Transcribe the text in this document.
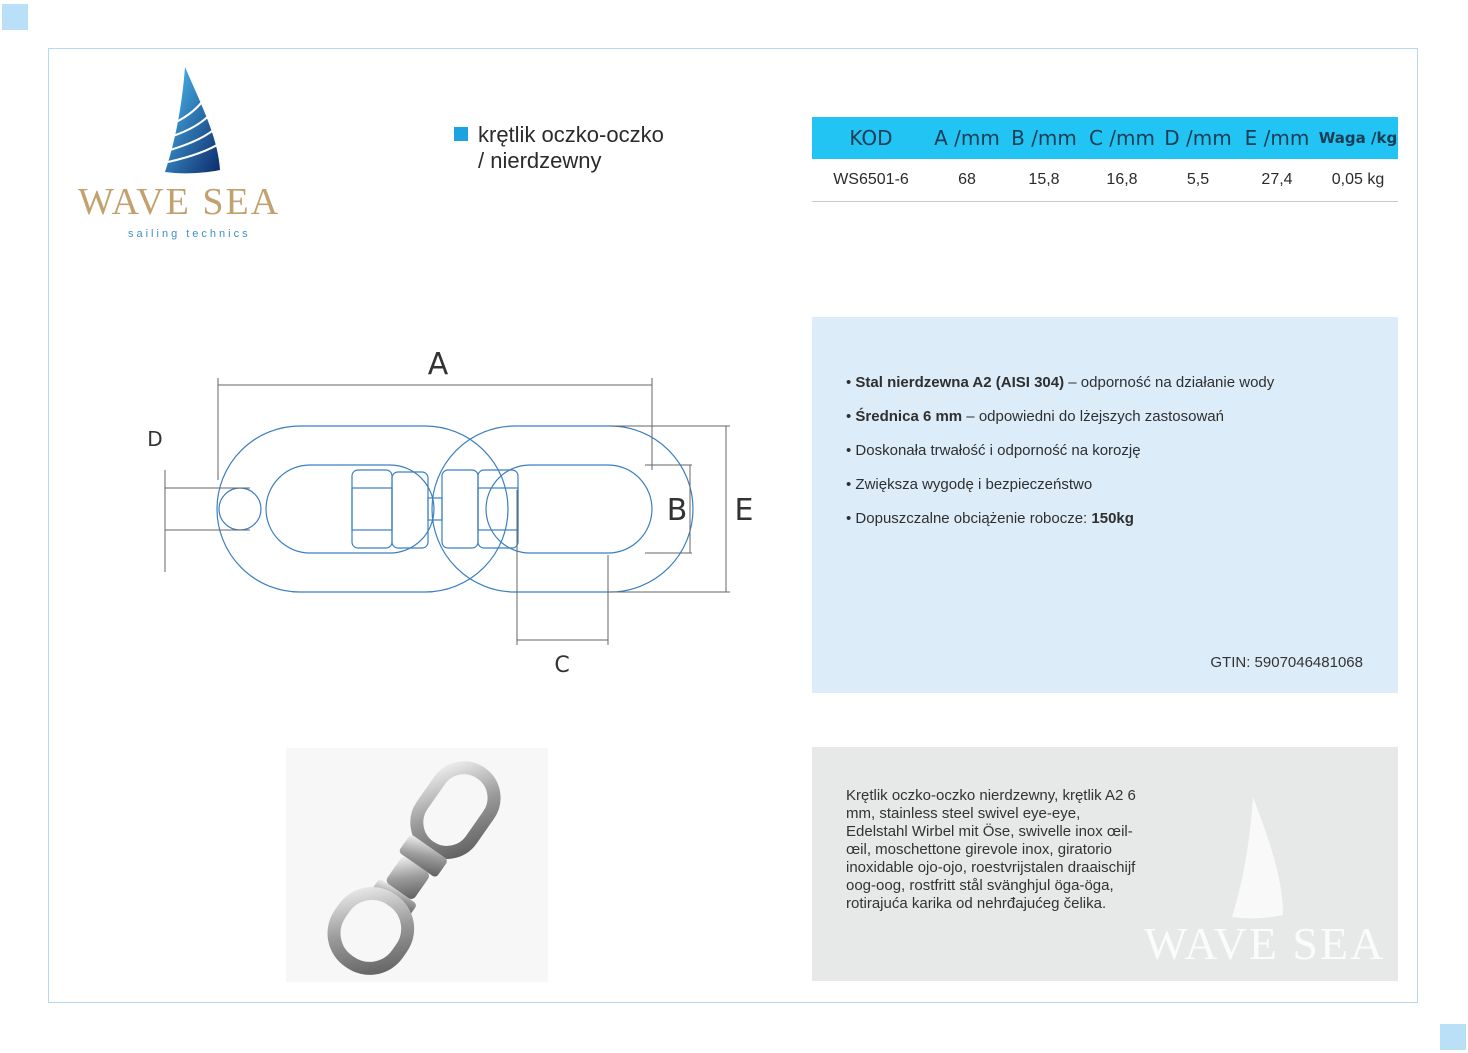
WAVE SEA
sailing technics
krętlik oczko-oczko
/ nierdzewny
KOD	A /mm	B /mm	C /mm	D /mm	E /mm	Waga /kg
WS6501-6	68	15,8	16,8	5,5	27,4	0,05 kg
A
D
B E
C
• Stal nierdzewna A2 (AISI 304) – odporność na działanie wody
• Średnica 6 mm – odpowiedni do lżejszych zastosowań
• Doskonała trwałość i odporność na korozję
• Zwiększa wygodę i bezpieczeństwo
• Dopuszczalne obciążenie robocze: 150kg
GTIN: 5907046481068
Krętlik oczko-oczko nierdzewny, krętlik A2 6 mm, stainless steel swivel eye-eye, Edelstahl Wirbel mit Öse, swivelle inox œil-œil, moschettone girevole inox, giratorio inoxidable ojo-ojo, roestvrijstalen draaischijf oog-oog, rostfritt stål svänghjul öga-öga, rotirajuća karika od nehrđajućeg čelika.
WAVE SEA
